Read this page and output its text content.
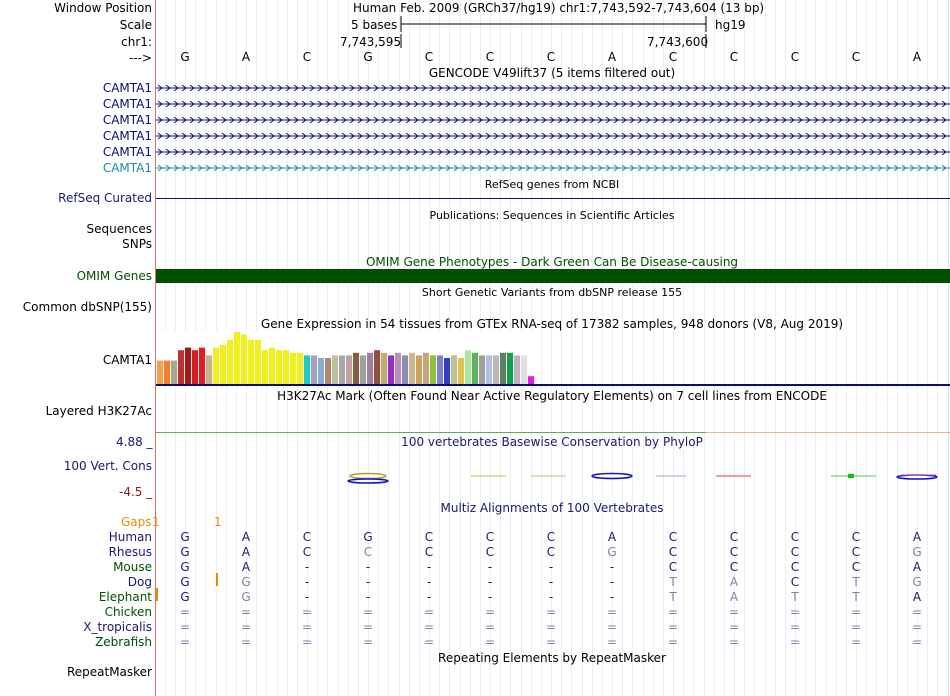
Window Position	Human Feb. 2009 (GRCh37/hg19) chr1:7,743,592-7,743,604 (13 bp)
Scale	5 bases	hg19
chr1:	7,743,595	7,743,600
---> G	A	C	G	C	C	C	A	C	C	C	C	A
GENCODE V49lift37 (5 items filtered out)
CAMTA1
CAMTA1
CAMTA1
CAMTA1
CAMTA1
CAMTA1
RefSeq genes from NCBI
RefSeq Curated
Publications: Sequences in Scientific Articles
Sequences
SNPs
OMIM Gene Phenotypes - Dark Green Can Be Disease-causing
OMIM Genes
Short Genetic Variants from dbSNP release 155
Common dbSNP(155)
Gene Expression in 54 tissues from GTEx RNA-seq of 17382 samples, 948 donors (V8, Aug 2019)
CAMTA1
H3K27Ac Mark (Often Found Near Active Regulatory Elements) on 7 cell lines from ENCODE
Layered H3K27Ac
4.88 _	100 vertebrates Basewise Conservation by PhyloP
100 Vert. Cons
-4.5 _
Multiz Alignments of 100 Vertebrates
Gaps 1	1
Human G	A	C	G	C	C	C	A	C	C	C	C	A
Rhesus G	A	C	C	C	C	C	G	C	C	C	C	G
Mouse G	A	-	-	-	-	-	-	C	C	C	C	A
Dog G	G	-	-	-	-	-	-	T	A	C	T	G
Elephant G	G	-	-	-	-	-	-	T	A	T	T	A
Chicken =	=	=	=	=	=	=	=	=	=	=	=	=
X_tropicalis =	=	=	=	=	=	=	=	=	=	=	=	=
Zebrafish =	=	=	=	=	=	=	=	=	=	=	=	=
Repeating Elements by RepeatMasker
RepeatMasker
